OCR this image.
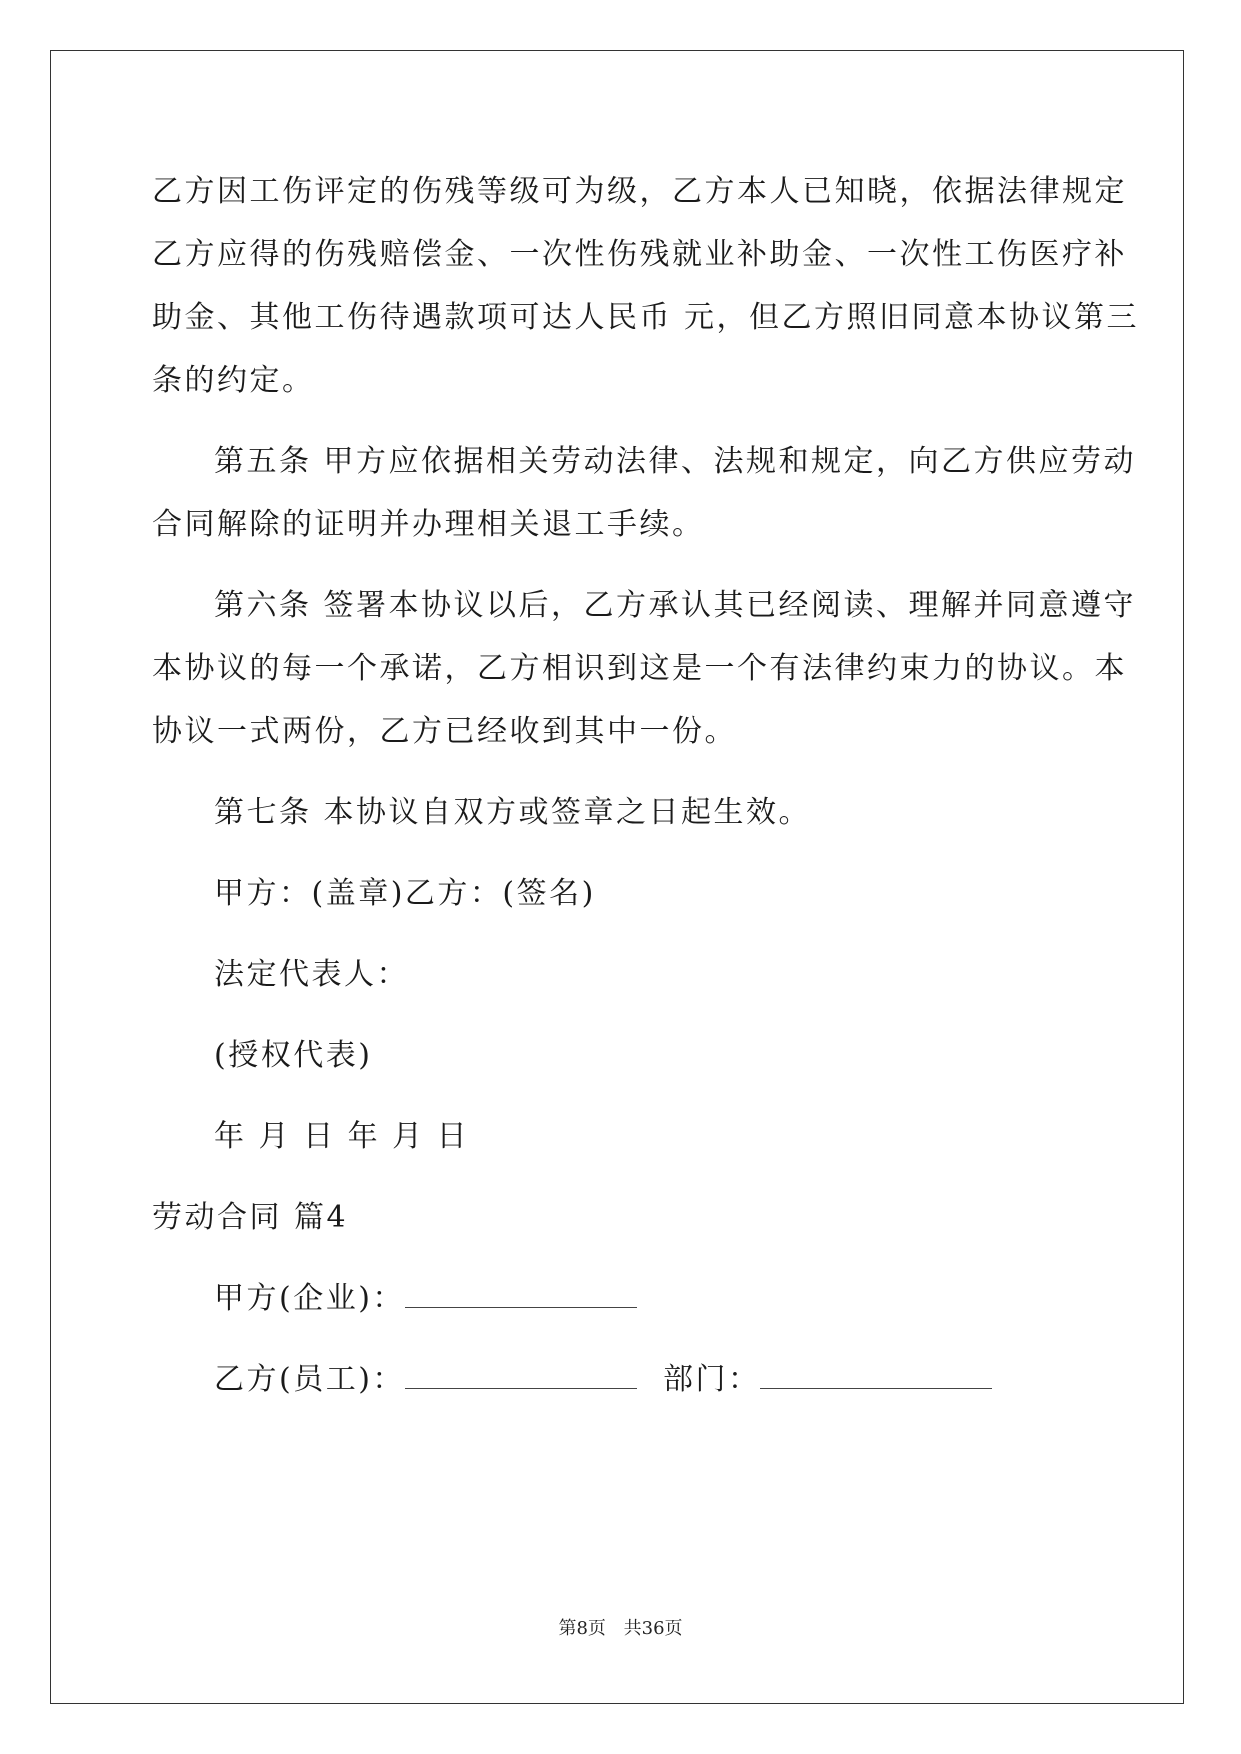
乙方因工伤评定的伤残等级可为级，乙方本人已知晓，依据法律规定
乙方应得的伤残赔偿金、一次性伤残就业补助金、一次性工伤医疗补
助金、其他工伤待遇款项可达人民币 元，但乙方照旧同意本协议第三
条的约定。
第五条 甲方应依据相关劳动法律、法规和规定，向乙方供应劳动
合同解除的证明并办理相关退工手续。
第六条 签署本协议以后，乙方承认其已经阅读、理解并同意遵守
本协议的每一个承诺，乙方相识到这是一个有法律约束力的协议。本
协议一式两份，乙方已经收到其中一份。
第七条 本协议自双方或签章之日起生效。
甲方：(盖章)乙方：(签名)
法定代表人：
(授权代表)
年 月 日 年 月 日
劳动合同 篇4
甲方(企业)：
乙方(员工)：	部门：
第8页 共36页
